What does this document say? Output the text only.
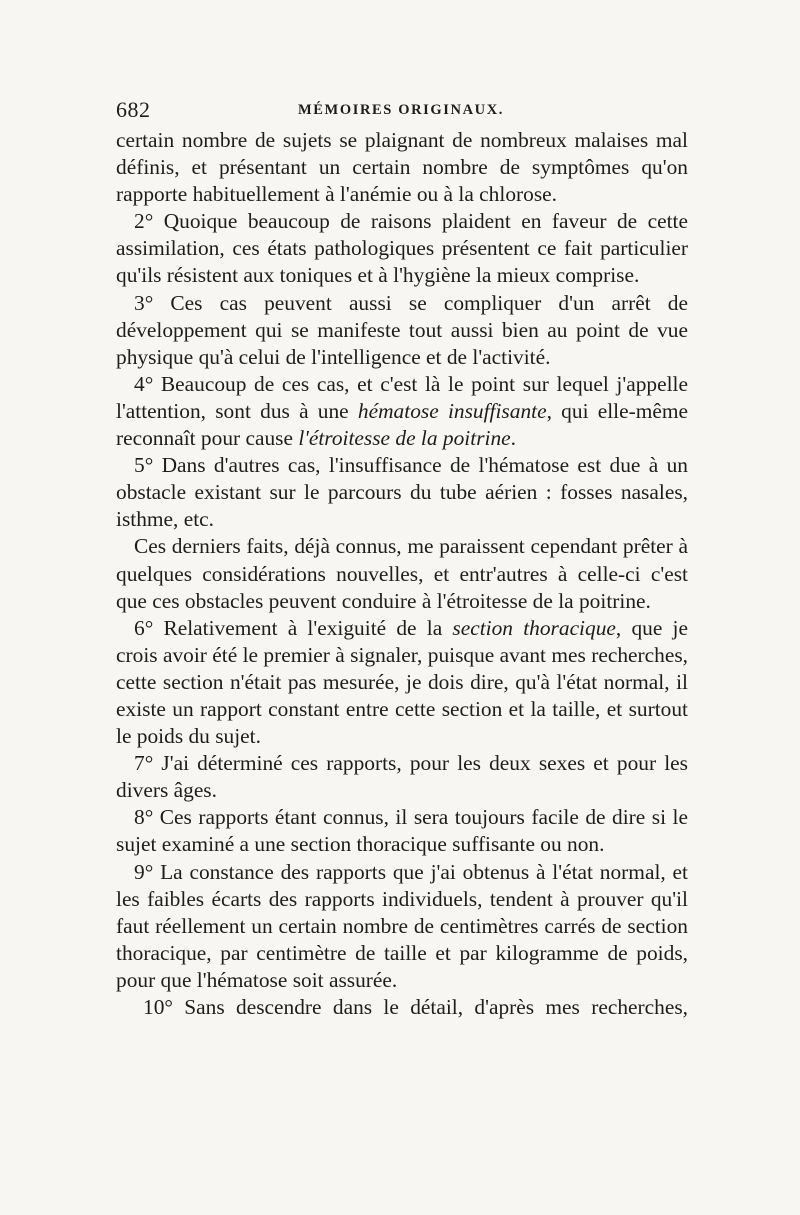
682	MÉMOIRES ORIGINAUX.

certain nombre de sujets se plaignant de nombreux malaises mal définis, et présentant un certain nombre de symptômes qu'on rapporte habituellement à l'anémie ou à la chlorose.

2° Quoique beaucoup de raisons plaident en faveur de cette assimilation, ces états pathologiques présentent ce fait particulier qu'ils résistent aux toniques et à l'hygiène la mieux comprise.

3° Ces cas peuvent aussi se compliquer d'un arrêt de développement qui se manifeste tout aussi bien au point de vue physique qu'à celui de l'intelligence et de l'activité.

4° Beaucoup de ces cas, et c'est là le point sur lequel j'appelle l'attention, sont dus à une hématose insuffisante, qui elle-même reconnaît pour cause l'étroitesse de la poitrine.

5° Dans d'autres cas, l'insuffisance de l'hématose est due à un obstacle existant sur le parcours du tube aérien : fosses nasales, isthme, etc.

Ces derniers faits, déjà connus, me paraissent cependant prêter à quelques considérations nouvelles, et entr'autres à celle-ci c'est que ces obstacles peuvent conduire à l'étroitesse de la poitrine.

6° Relativement à l'exiguité de la section thoracique, que je crois avoir été le premier à signaler, puisque avant mes recherches, cette section n'était pas mesurée, je dois dire, qu'à l'état normal, il existe un rapport constant entre cette section et la taille, et surtout le poids du sujet.

7° J'ai déterminé ces rapports, pour les deux sexes et pour les divers âges.

8° Ces rapports étant connus, il sera toujours facile de dire si le sujet examiné a une section thoracique suffisante ou non.

9° La constance des rapports que j'ai obtenus à l'état normal, et les faibles écarts des rapports individuels, tendent à prouver qu'il faut réellement un certain nombre de centimètres carrés de section thoracique, par centimètre de taille et par kilogramme de poids, pour que l'hématose soit assurée.

10° Sans descendre dans le détail, d'après mes recherches,
